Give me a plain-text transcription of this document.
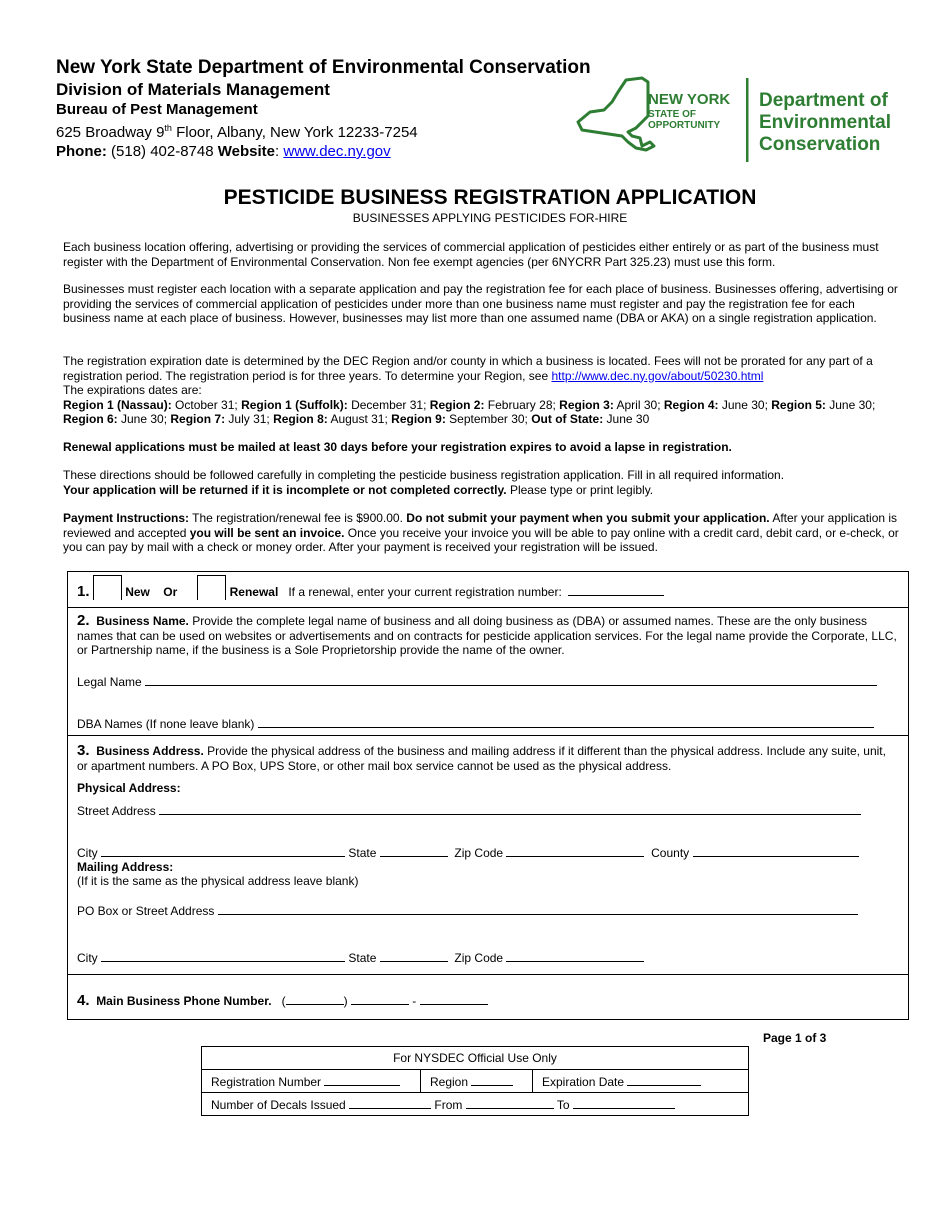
New York State Department of Environmental Conservation
Division of Materials Management
Bureau of Pest Management
625 Broadway 9th Floor, Albany, New York 12233-7254
Phone: (518) 402-8748 Website: www.dec.ny.gov
NEW YORK
STATE OF
OPPORTUNITY
Department of
Environmental
Conservation
PESTICIDE BUSINESS REGISTRATION APPLICATION
BUSINESSES APPLYING PESTICIDES FOR-HIRE

Each business location offering, advertising or providing the services of commercial application of pesticides either entirely or as part of the business must register with the Department of Environmental Conservation. Non fee exempt agencies (per 6NYCRR Part 325.23) must use this form.

Businesses must register each location with a separate application and pay the registration fee for each place of business. Businesses offering, advertising or providing the services of commercial application of pesticides under more than one business name must register and pay the registration fee for each business name at each place of business. However, businesses may list more than one assumed name (DBA or AKA) on a single registration application.

The registration expiration date is determined by the DEC Region and/or county in which a business is located. Fees will not be prorated for any part of a registration period. The registration period is for three years. To determine your Region, see http://www.dec.ny.gov/about/50230.html

The expirations dates are:

Region 1 (Nassau): October 31; Region 1 (Suffolk): December 31; Region 2: February 28; Region 3: April 30; Region 4: June 30; Region 5: June 30; Region 6: June 30; Region 7: July 31; Region 8: August 31; Region 9: September 30; Out of State: June 30

Renewal applications must be mailed at least 30 days before your registration expires to avoid a lapse in registration.

These directions should be followed carefully in completing the pesticide business registration application. Fill in all required information.

Your application will be returned if it is incomplete or not completed correctly. Please type or print legibly.

Payment Instructions: The registration/renewal fee is $900.00. Do not submit your payment when you submit your application. After your application is reviewed and accepted you will be sent an invoice. Once you receive your invoice you will be able to pay online with a credit card, debit card, or e-check, or you can pay by mail with a check or money order. After your payment is received your registration will be issued.

1.	New Or	Renewal If a renewal, enter your current registration number:
2. Business Name. Provide the complete legal name of business and all doing business as (DBA) or assumed names. These are the only business names that can be used on websites or advertisements and on contracts for pesticide application services. For the legal name provide the Corporate, LLC, or Partnership name, if the business is a Sole Proprietorship provide the name of the owner.
Legal Name
DBA Names (If none leave blank)
3. Business Address. Provide the physical address of the business and mailing address if it different than the physical address. Include any suite, unit, or apartment numbers. A PO Box, UPS Store, or other mail box service cannot be used as the physical address.
Physical Address:
Street Address
City	State	Zip Code	County
Mailing Address:
(If it is the same as the physical address leave blank)
PO Box or Street Address
City	State	Zip Code
4. Main Business Phone Number. (	)	-
Page 1 of 3
For NYSDEC Official Use Only
Registration Number	Region	Expiration Date
Number of Decals Issued	From	To
